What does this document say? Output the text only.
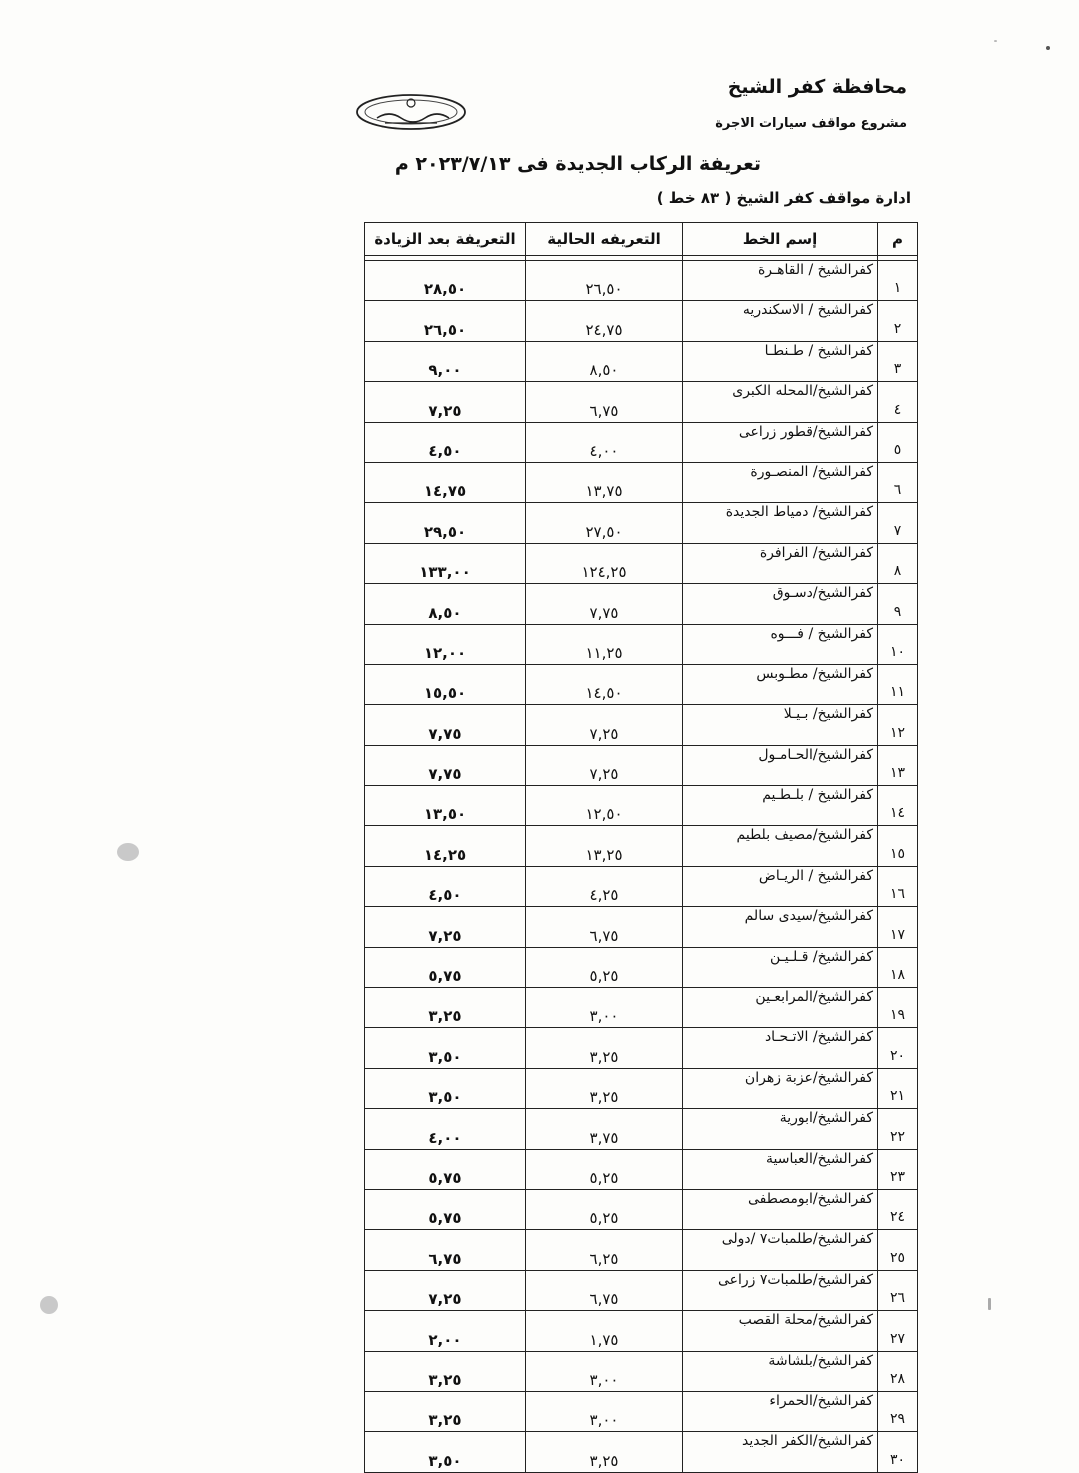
محافظة كفر الشيخ
مشروع مواقف سيارات الاجرة
تعريفة الركاب الجديدة فى ٢٠٢٣/٧/١٣ م
ادارة مواقف كفر الشيخ ( ٨٣ خط )
م	إسم الخط	التعريفه الحالية	التعريفة بعد الزيادة

١	كفرالشيخ / القاهـرة	٢٦,٥٠	٢٨,٥٠
٢	كفرالشيخ / الاسكندريه	٢٤,٧٥	٢٦,٥٠
٣	كفرالشيخ / طـنطـا	٨,٥٠	٩,٠٠
٤	كفرالشيخ/المحله الكبرى	٦,٧٥	٧,٢٥
٥	كفرالشيخ/قطور زراعى	٤,٠٠	٤,٥٠
٦	كفرالشيخ/ المنصـورة	١٣,٧٥	١٤,٧٥
٧	كفرالشيخ/ دمياط الجديدة	٢٧,٥٠	٢٩,٥٠
٨	كفرالشيخ/ الفرافرة	١٢٤,٢٥	١٣٣,٠٠
٩	كفرالشيخ/دسـوق	٧,٧٥	٨,٥٠
١٠	كفرالشيخ / فـــوه	١١,٢٥	١٢,٠٠
١١	كفرالشيخ/ مطـوبس	١٤,٥٠	١٥,٥٠
١٢	كفرالشيخ/ بـيـلا	٧,٢٥	٧,٧٥
١٣	كفرالشيخ/الحـامـول	٧,٢٥	٧,٧٥
١٤	كفرالشيخ / بلـطـيم	١٢,٥٠	١٣,٥٠
١٥	كفرالشيخ/مصيف بلطيم	١٣,٢٥	١٤,٢٥
١٦	كفرالشيخ / الريـاض	٤,٢٥	٤,٥٠
١٧	كفرالشيخ/سيدى سالم	٦,٧٥	٧,٢٥
١٨	كفرالشيخ/ قـلـيـن	٥,٢٥	٥,٧٥
١٩	كفرالشيخ/المرابعـين	٣,٠٠	٣,٢٥
٢٠	كفرالشيخ/ الاتـحـاد	٣,٢٥	٣,٥٠
٢١	كفرالشيخ/عزبة زهران	٣,٢٥	٣,٥٠
٢٢	كفرالشيخ/ابورية	٣,٧٥	٤,٠٠
٢٣	كفرالشيخ/العباسية	٥,٢٥	٥,٧٥
٢٤	كفرالشيخ/ابومصطفى	٥,٢٥	٥,٧٥
٢٥	كفرالشيخ/طلمبات٧ /دولى	٦,٢٥	٦,٧٥
٢٦	كفرالشيخ/طلمبات٧ زراعى	٦,٧٥	٧,٢٥
٢٧	كفرالشيخ/محلة القصب	١,٧٥	٢,٠٠
٢٨	كفرالشيخ/بلشاشة	٣,٠٠	٣,٢٥
٢٩	كفرالشيخ/الحمراء	٣,٠٠	٣,٢٥
٣٠	كفرالشيخ/الكفر الجديد	٣,٢٥	٣,٥٠
